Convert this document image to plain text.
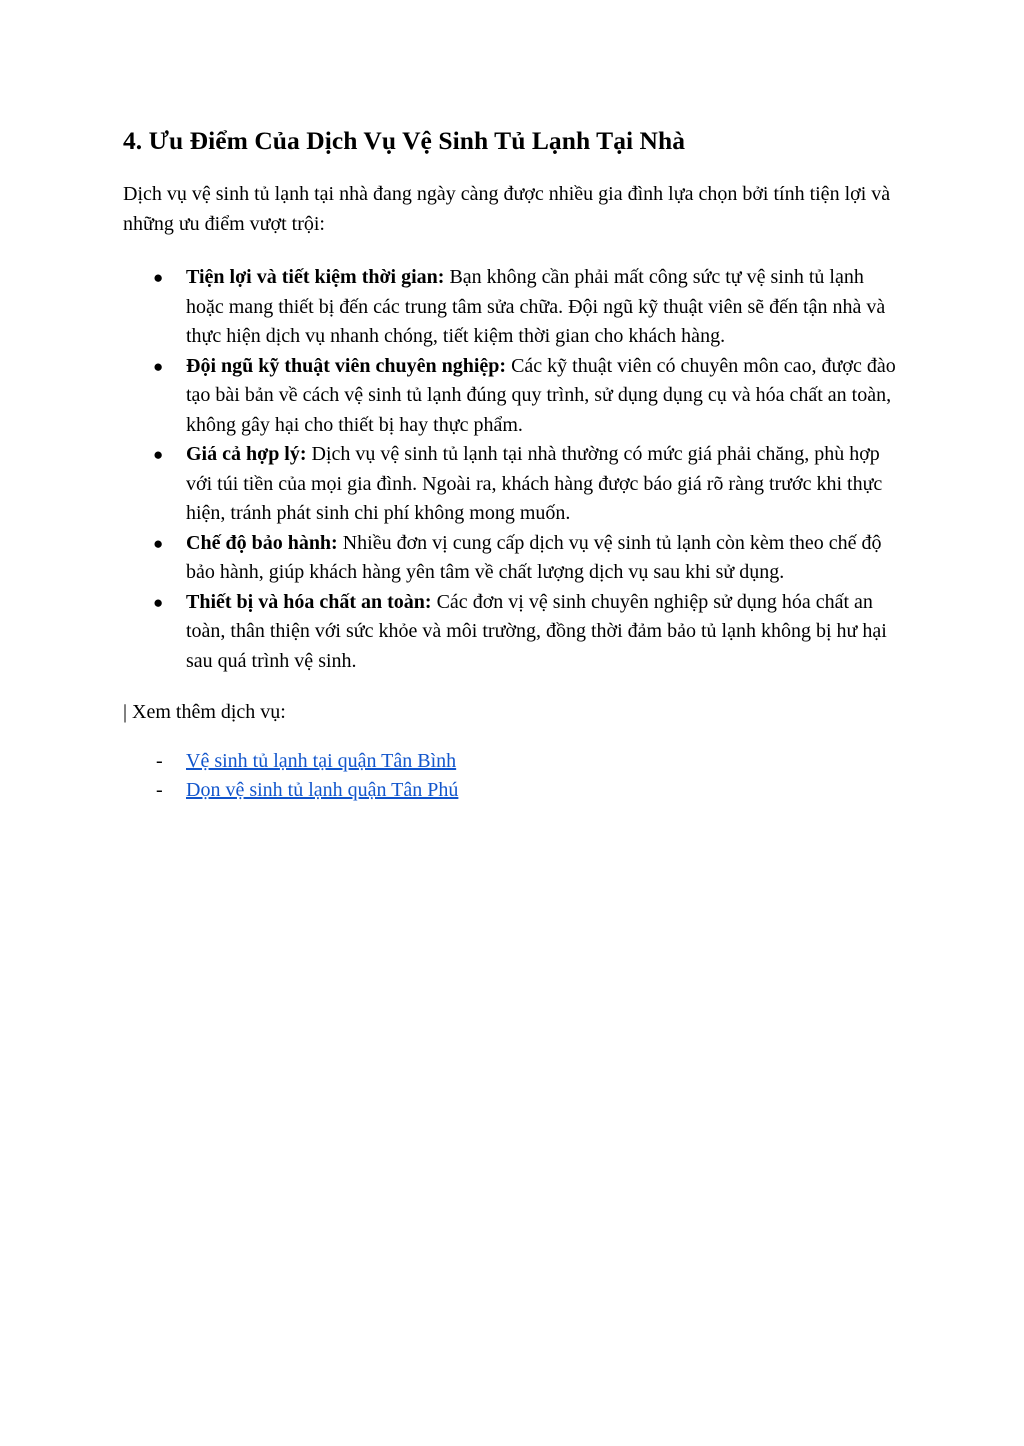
4. Ưu Điểm Của Dịch Vụ Vệ Sinh Tủ Lạnh Tại Nhà

Dịch vụ vệ sinh tủ lạnh tại nhà đang ngày càng được nhiều gia đình lựa chọn bởi tính tiện lợi và những ưu điểm vượt trội:

● Tiện lợi và tiết kiệm thời gian: Bạn không cần phải mất công sức tự vệ sinh tủ lạnh hoặc mang thiết bị đến các trung tâm sửa chữa. Đội ngũ kỹ thuật viên sẽ đến tận nhà và thực hiện dịch vụ nhanh chóng, tiết kiệm thời gian cho khách hàng.
● Đội ngũ kỹ thuật viên chuyên nghiệp: Các kỹ thuật viên có chuyên môn cao, được đào tạo bài bản về cách vệ sinh tủ lạnh đúng quy trình, sử dụng dụng cụ và hóa chất an toàn, không gây hại cho thiết bị hay thực phẩm.
● Giá cả hợp lý: Dịch vụ vệ sinh tủ lạnh tại nhà thường có mức giá phải chăng, phù hợp với túi tiền của mọi gia đình. Ngoài ra, khách hàng được báo giá rõ ràng trước khi thực hiện, tránh phát sinh chi phí không mong muốn.
● Chế độ bảo hành: Nhiều đơn vị cung cấp dịch vụ vệ sinh tủ lạnh còn kèm theo chế độ bảo hành, giúp khách hàng yên tâm về chất lượng dịch vụ sau khi sử dụng.
● Thiết bị và hóa chất an toàn: Các đơn vị vệ sinh chuyên nghiệp sử dụng hóa chất an toàn, thân thiện với sức khỏe và môi trường, đồng thời đảm bảo tủ lạnh không bị hư hại sau quá trình vệ sinh.

| Xem thêm dịch vụ:

- Vệ sinh tủ lạnh tại quận Tân Bình
- Dọn vệ sinh tủ lạnh quận Tân Phú
